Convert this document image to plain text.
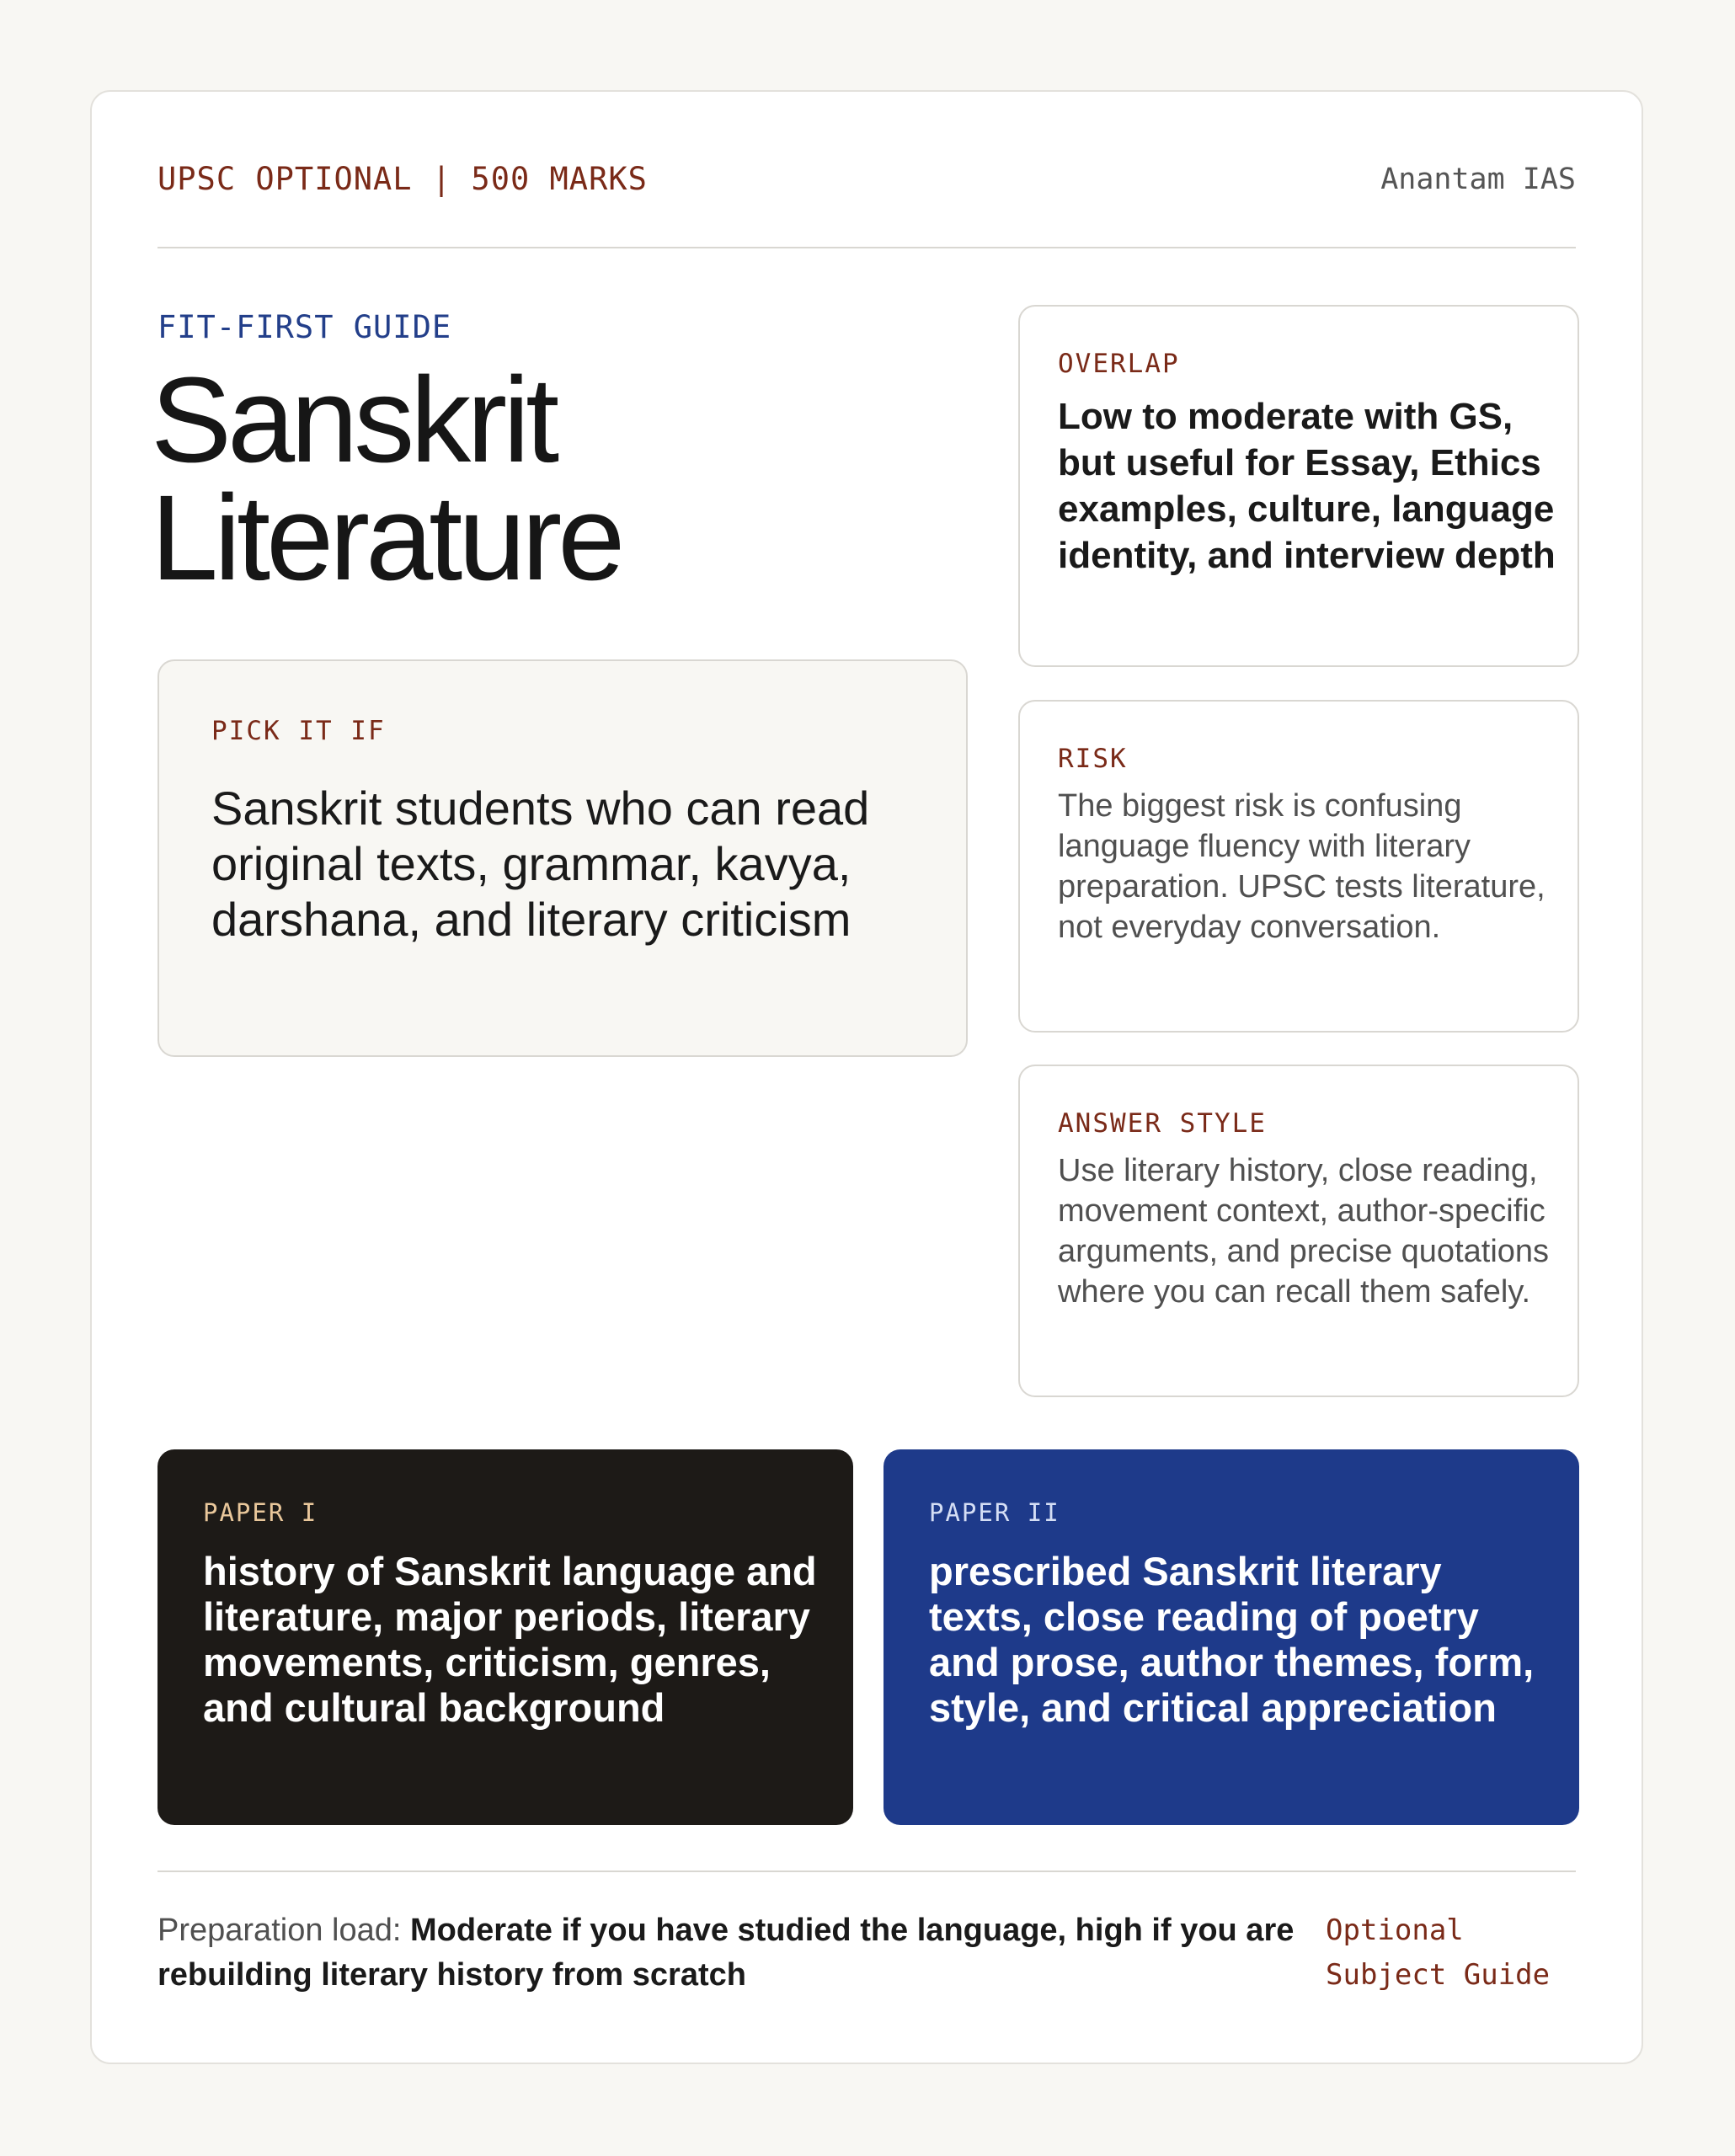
UPSC OPTIONAL | 500 MARKS	Anantam IAS
FIT-FIRST GUIDE
Sanskrit
Literature
PICK IT IF
Sanskrit students who can read original texts, grammar, kavya, darshana, and literary criticism
OVERLAP
Low to moderate with GS, but useful for Essay, Ethics examples, culture, language identity, and interview depth
RISK
The biggest risk is confusing language fluency with literary preparation. UPSC tests literature, not everyday conversation.
ANSWER STYLE
Use literary history, close reading, movement context, author-specific arguments, and precise quotations where you can recall them safely.
PAPER I
history of Sanskrit language and literature, major periods, literary movements, criticism, genres, and cultural background
PAPER II
prescribed Sanskrit literary texts, close reading of poetry and prose, author themes, form, style, and critical appreciation
Preparation load: Moderate if you have studied the language, high if you are rebuilding literary history from scratch
Optional
Subject Guide
